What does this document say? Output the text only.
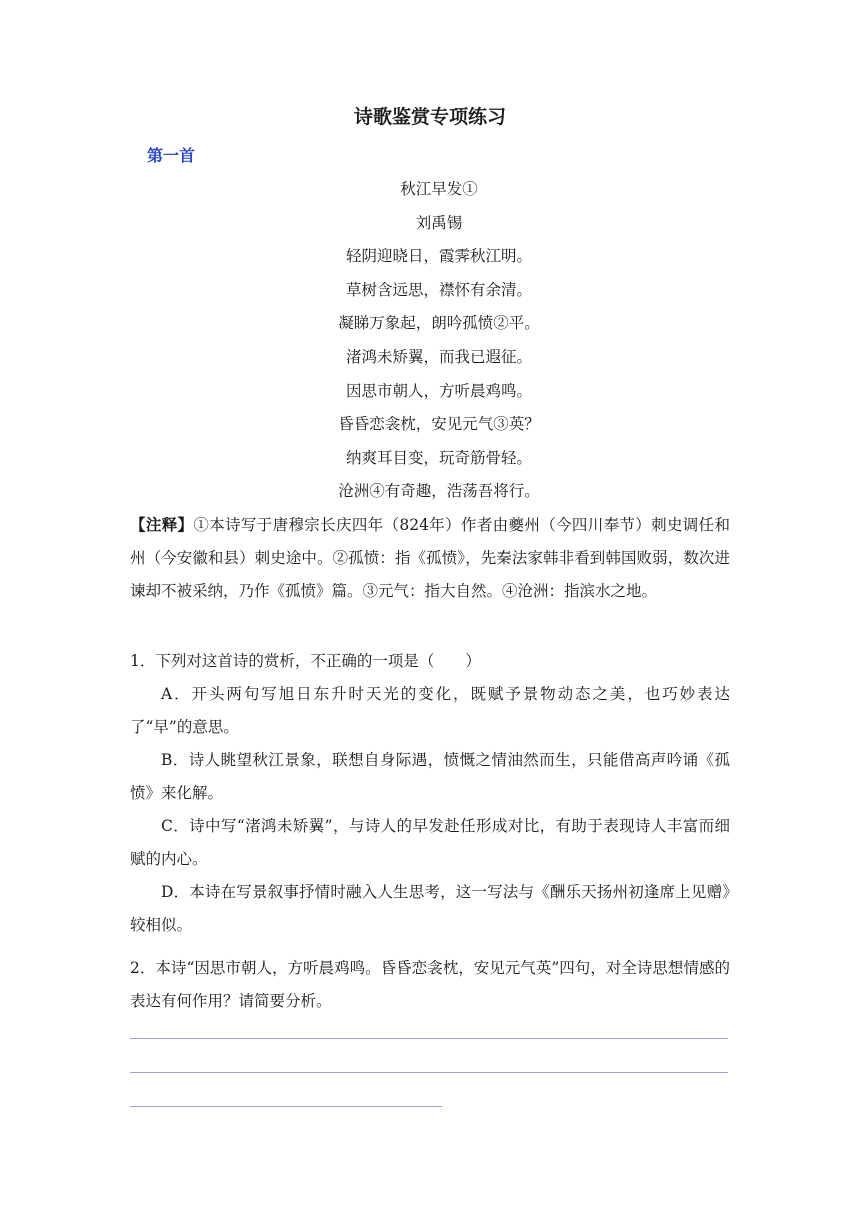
诗歌鉴赏专项练习
第一首
秋江早发①
刘禹锡
轻阴迎晓日，霞霁秋江明。
草树含远思，襟怀有余清。
凝睇万象起，朗吟孤愤②平。
渚鸿未矫翼，而我已遐征。
因思市朝人，方听晨鸡鸣。
昏昏恋衾枕，安见元气③英？
纳爽耳目变，玩奇筋骨轻。
沧洲④有奇趣，浩荡吾将行。
【注释】①本诗写于唐穆宗长庆四年（824年）作者由夔州（今四川奉节）刺史调任和州（今安徽和县）刺史途中。②孤愤：指《孤愤》，先秦法家韩非看到韩国败弱，数次进谏却不被采纳，乃作《孤愤》篇。③元气：指大自然。④沧洲：指滨水之地。
1．下列对这首诗的赏析，不正确的一项是（　　）

A．开头两句写旭日东升时天光的变化，既赋予景物动态之美，也巧妙表达了“早”的意思。

B．诗人眺望秋江景象，联想自身际遇，愤慨之情油然而生，只能借高声吟诵《孤愤》来化解。

C．诗中写“渚鸿未矫翼”，与诗人的早发赴任形成对比，有助于表现诗人丰富而细赋的内心。

D．本诗在写景叙事抒情时融入人生思考，这一写法与《酬乐天扬州初逢席上见赠》较相似。

2．本诗“因思市朝人，方听晨鸡鸣。昏昏恋衾枕，安见元气英”四句，对全诗思想情感的表达有何作用？请简要分析。
